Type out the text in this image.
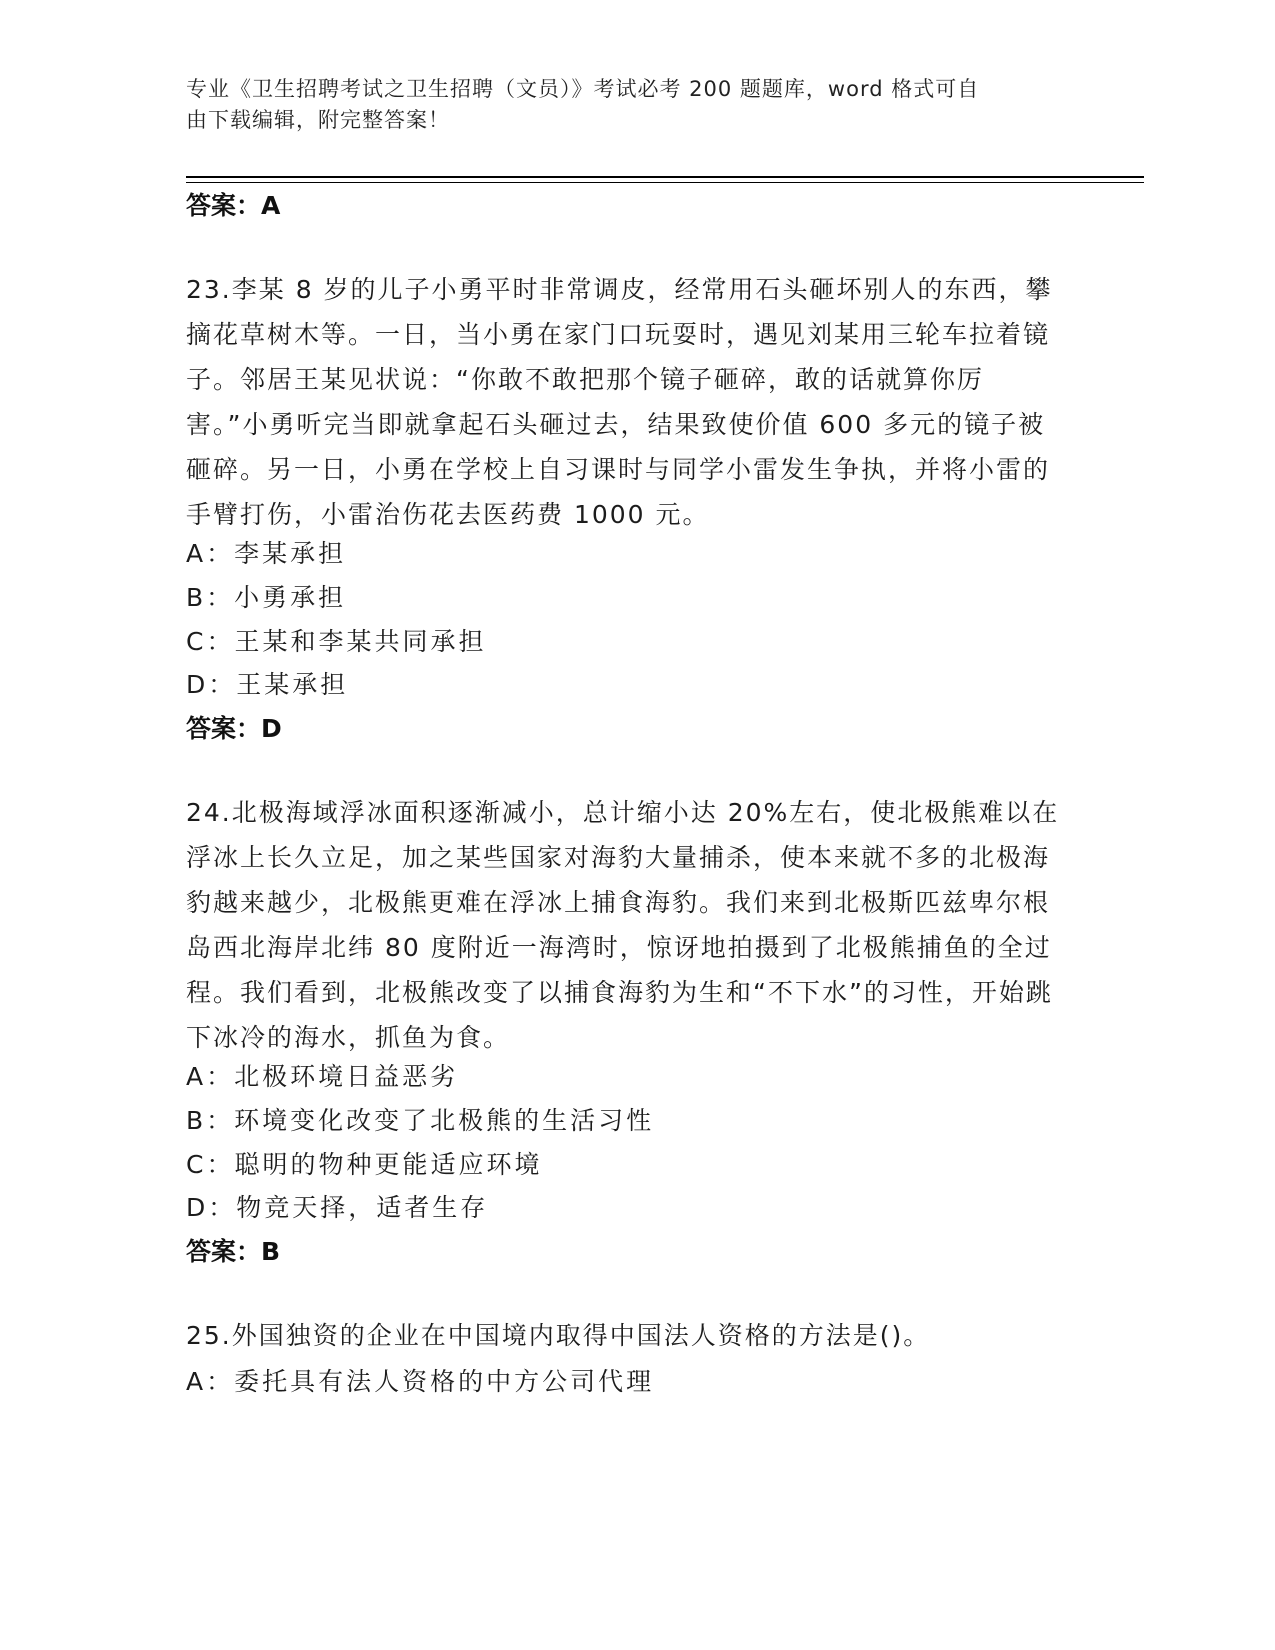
专业《卫生招聘考试之卫生招聘（文员）》考试必考 200 题题库，word 格式可自
由下载编辑，附完整答案！
答案：A
23.李某 8 岁的儿子小勇平时非常调皮，经常用石头砸坏别人的东西，攀摘花草树木等。一日，当小勇在家门口玩耍时，遇见刘某用三轮车拉着镜子。邻居王某见状说：“你敢不敢把那个镜子砸碎，敢的话就算你厉害。”小勇听完当即就拿起石头砸过去，结果致使价值 600 多元的镜子被砸碎。另一日，小勇在学校上自习课时与同学小雷发生争执，并将小雷的手臂打伤，小雷治伤花去医药费 1000 元。
A：李某承担
B：小勇承担
C：王某和李某共同承担
D：王某承担
答案：D
24.北极海域浮冰面积逐渐减小，总计缩小达 20%左右，使北极熊难以在浮冰上长久立足，加之某些国家对海豹大量捕杀，使本来就不多的北极海豹越来越少，北极熊更难在浮冰上捕食海豹。我们来到北极斯匹兹卑尔根岛西北海岸北纬 80 度附近一海湾时，惊讶地拍摄到了北极熊捕鱼的全过程。我们看到，北极熊改变了以捕食海豹为生和“不下水”的习性，开始跳下冰冷的海水，抓鱼为食。
A：北极环境日益恶劣
B：环境变化改变了北极熊的生活习性
C：聪明的物种更能适应环境
D：物竞天择，适者生存
答案：B
25.外国独资的企业在中国境内取得中国法人资格的方法是()。
A：委托具有法人资格的中方公司代理
